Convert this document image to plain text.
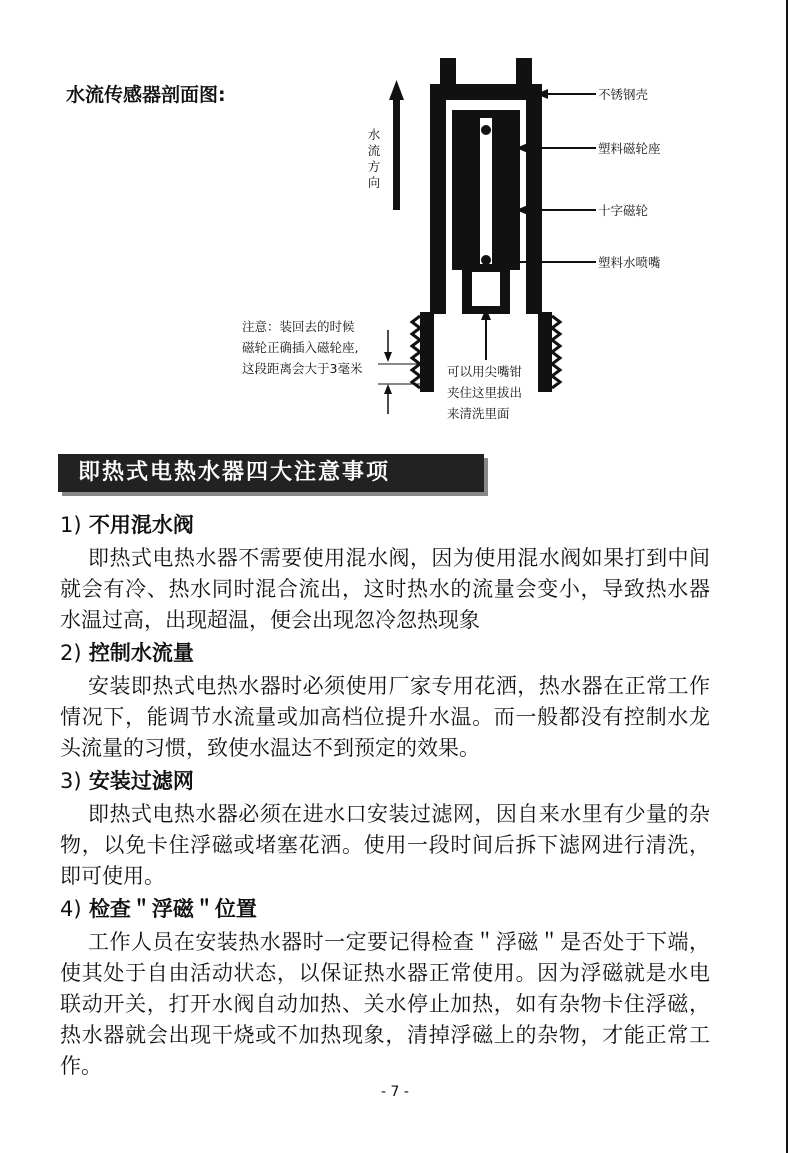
水流传感器剖面图:
水流方向
不锈钢壳
塑料磁轮座
十字磁轮
塑料水喷嘴
注意：装回去的时候
磁轮正确插入磁轮座,
这段距离会大于3毫米	可以用尖嘴钳
夹住这里拔出
来清洗里面
即热式电热水器四大注意事项
1) 不用混水阀

即热式电热水器不需要使用混水阀，因为使用混水阀如果打到中间就会有冷、热水同时混合流出，这时热水的流量会变小，导致热水器水温过高，出现超温，便会出现忽冷忽热现象

2) 控制水流量

安装即热式电热水器时必须使用厂家专用花洒，热水器在正常工作情况下，能调节水流量或加高档位提升水温。而一般都没有控制水龙头流量的习惯，致使水温达不到预定的效果。

3) 安装过滤网

即热式电热水器必须在进水口安装过滤网，因自来水里有少量的杂物，以免卡住浮磁或堵塞花洒。使用一段时间后拆下滤网进行清洗，即可使用。

4) 检查＂浮磁＂位置

工作人员在安装热水器时一定要记得检查＂浮磁＂是否处于下端，使其处于自由活动状态，以保证热水器正常使用。因为浮磁就是水电联动开关，打开水阀自动加热、关水停止加热，如有杂物卡住浮磁，热水器就会出现干烧或不加热现象，清掉浮磁上的杂物，才能正常工作。

- 7 -
